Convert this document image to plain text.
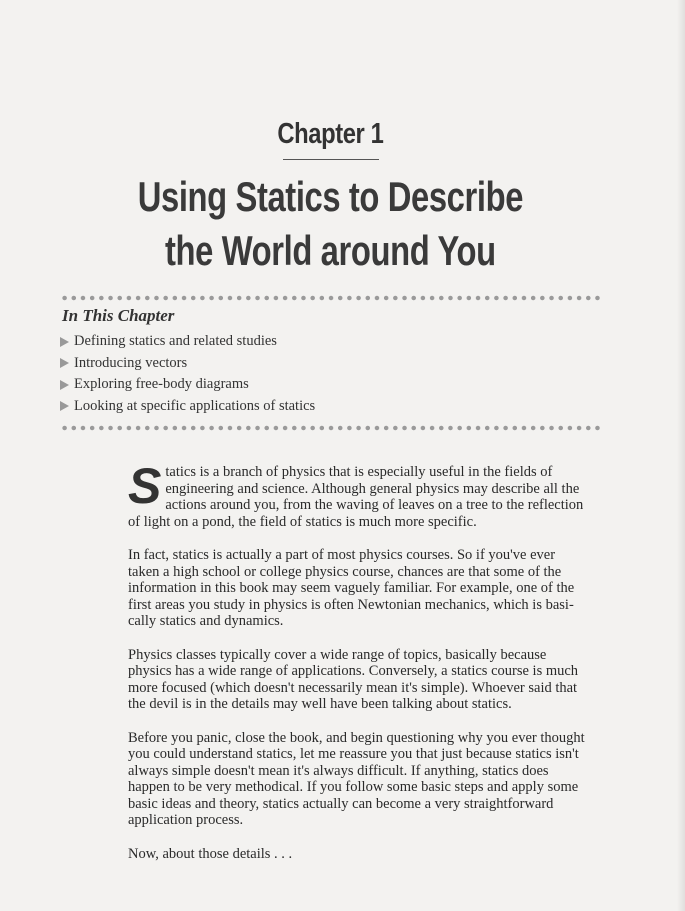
Chapter 1
Using Statics to Describe
the World around You
In This Chapter
Defining statics and related studies
Introducing vectors
Exploring free-body diagrams
Looking at specific applications of statics

Statics is a branch of physics that is especially useful in the fields of engineering and science. Although general physics may describe all the actions around you, from the waving of leaves on a tree to the reflection of light on a pond, the field of statics is much more specific.

In fact, statics is actually a part of most physics courses. So if you've ever taken a high school or college physics course, chances are that some of the information in this book may seem vaguely familiar. For example, one of the first areas you study in physics is often Newtonian mechanics, which is basi-cally statics and dynamics.

Physics classes typically cover a wide range of topics, basically because physics has a wide range of applications. Conversely, a statics course is much more focused (which doesn't necessarily mean it's simple). Whoever said that the devil is in the details may well have been talking about statics.

Before you panic, close the book, and begin questioning why you ever thought you could understand statics, let me reassure you that just because statics isn't always simple doesn't mean it's always difficult. If anything, statics does happen to be very methodical. If you follow some basic steps and apply some basic ideas and theory, statics actually can become a very straightforward application process.

Now, about those details . . .
